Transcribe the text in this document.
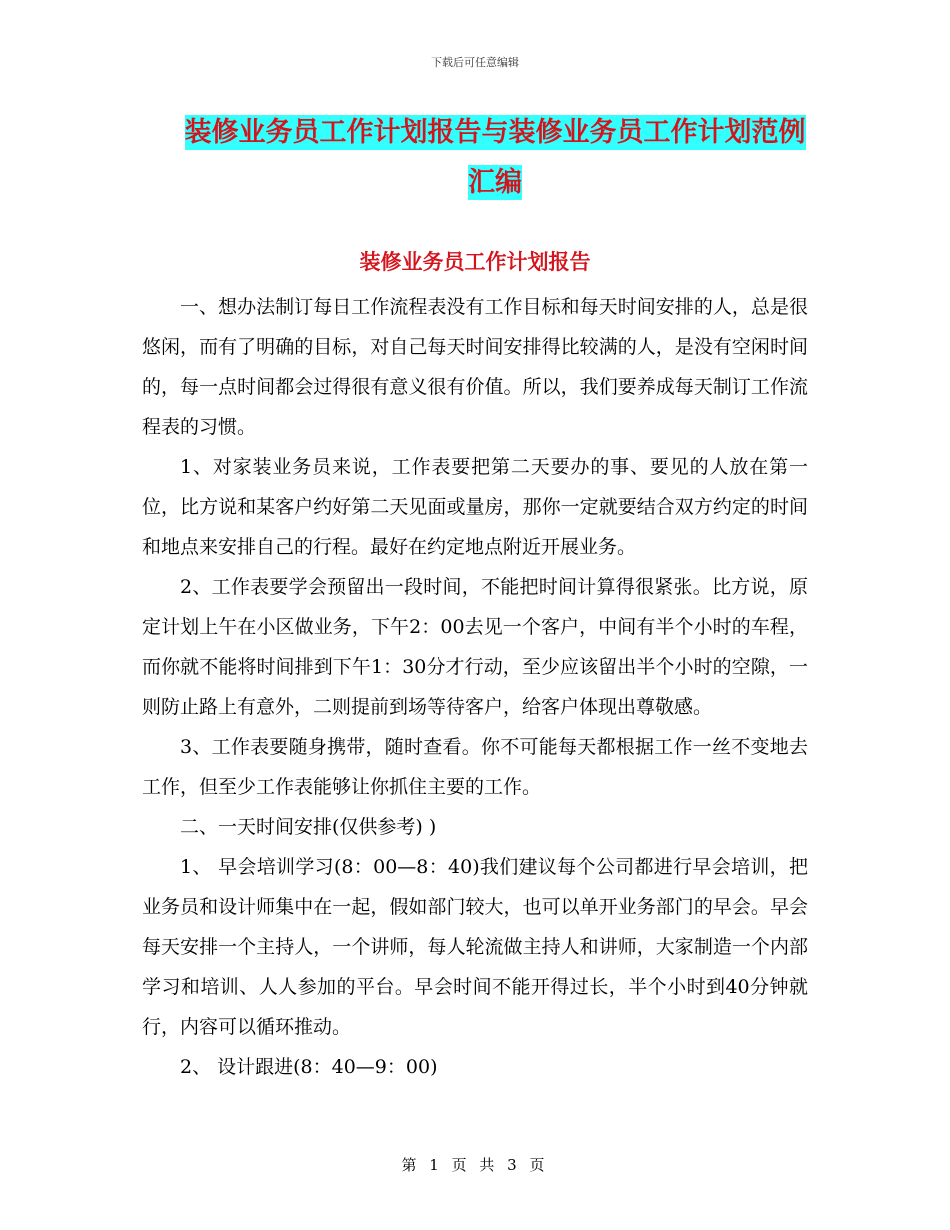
下载后可任意编辑
装修业务员工作计划报告与装修业务员工作计划范例
汇编
装修业务员工作计划报告

一、想办法制订每日工作流程表没有工作目标和每天时间安排的人，总是很悠闲，而有了明确的目标，对自己每天时间安排得比较满的人，是没有空闲时间的，每一点时间都会过得很有意义很有价值。所以，我们要养成每天制订工作流程表的习惯。

1、对家装业务员来说，工作表要把第二天要办的事、要见的人放在第一位，比方说和某客户约好第二天见面或量房，那你一定就要结合双方约定的时间和地点来安排自己的行程。最好在约定地点附近开展业务。

2、工作表要学会预留出一段时间，不能把时间计算得很紧张。比方说，原定计划上午在小区做业务，下午2：00去见一个客户，中间有半个小时的车程，而你就不能将时间排到下午1：30分才行动，至少应该留出半个小时的空隙，一则防止路上有意外，二则提前到场等待客户，给客户体现出尊敬感。

3、工作表要随身携带，随时查看。你不可能每天都根据工作一丝不变地去工作，但至少工作表能够让你抓住主要的工作。

二、一天时间安排(仅供参考) )

1、 早会培训学习(8：00—8：40)我们建议每个公司都进行早会培训，把业务员和设计师集中在一起，假如部门较大，也可以单开业务部门的早会。早会每天安排一个主持人，一个讲师，每人轮流做主持人和讲师，大家制造一个内部学习和培训、人人参加的平台。早会时间不能开得过长，半个小时到40分钟就行，内容可以循环推动。

2、 设计跟进(8：40—9：00)

第 1 页 共 3 页
